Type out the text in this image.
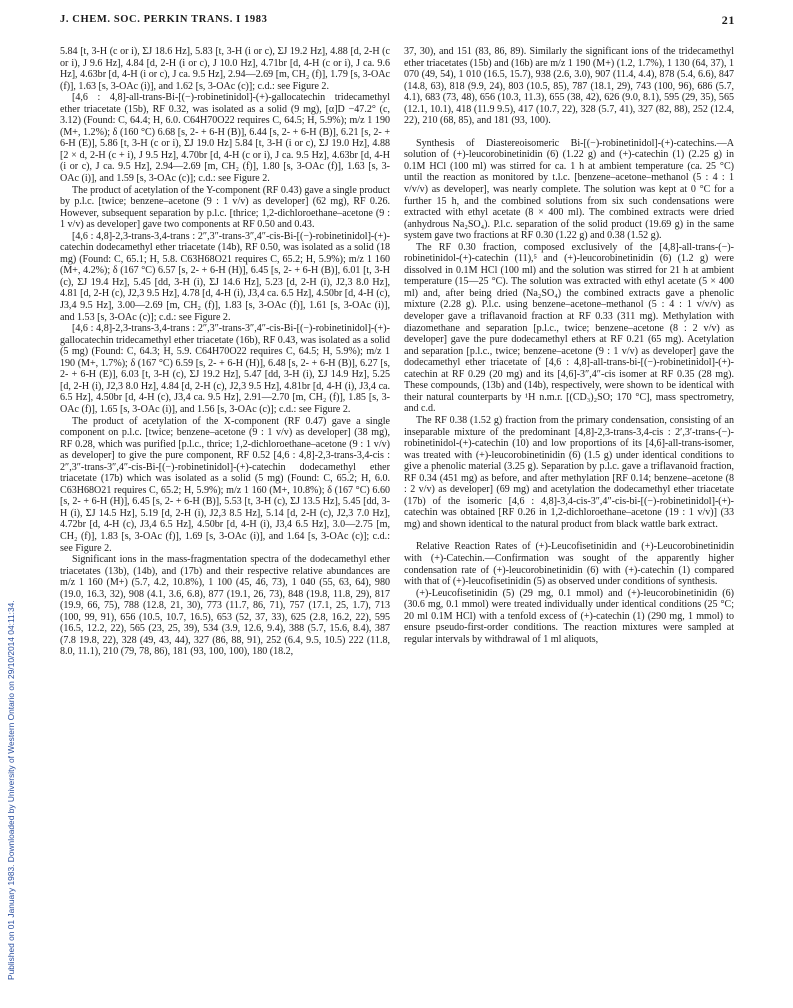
J. CHEM. SOC. PERKIN TRANS. I 1983	21
Published on 01 January 1983. Downloaded by University of Western Ontario on 29/10/2014 04:11:34.

5.84 [t, 3-H (c or i), ΣJ 18.6 Hz], 5.83 [t, 3-H (i or c), ΣJ 19.2 Hz], 4.88 [d, 2-H (c or i), J 9.6 Hz], 4.84 [d, 2-H (i or c), J 10.0 Hz], 4.71br [d, 4-H (c or i), J ca. 9.6 Hz], 4.63br [d, 4-H (i or c), J ca. 9.5 Hz], 2.94—2.69 [m, CH₂ (f)], 1.79 [s, 3-OAc (f)], 1.63 [s, 3-OAc (i)], and 1.62 [s, 3-OAc (c)]; c.d.: see Figure 2.

[4,6 : 4,8]-all-trans-Bi-[(−)-robinetinidol]-(+)-gallocatechin tridecamethyl ether triacetate (15b), RF 0.32, was isolated as a solid (9 mg), [α]D −47.2° (c, 3.12) (Found: C, 64.4; H, 6.0. C64H70O22 requires C, 64.5; H, 5.9%); m/z 1 190 (M+, 1.2%); δ (160 °C) 6.68 [s, 2- + 6-H (B)], 6.44 [s, 2- + 6-H (B)], 6.21 [s, 2- + 6-H (E)], 5.86 [t, 3-H (c or i), ΣJ 19.0 Hz] 5.84 [t, 3-H (i or c), ΣJ 19.0 Hz], 4.88 [2 × d, 2-H (c + i), J 9.5 Hz], 4.70br [d, 4-H (c or i), J ca. 9.5 Hz], 4.63br [d, 4-H (i or c), J ca. 9.5 Hz], 2.94—2.69 [m, CH₂ (f)], 1.80 [s, 3-OAc (f)], 1.63 [s, 3-OAc (i)], and 1.59 [s, 3-OAc (c)]; c.d.: see Figure 2.

The product of acetylation of the Y-component (RF 0.43) gave a single product by p.l.c. [twice; benzene–acetone (9 : 1 v/v) as developer] (62 mg), RF 0.26. However, subsequent separation by p.l.c. [thrice; 1,2-dichloroethane–acetone (9 : 1 v/v) as developer] gave two components at RF 0.50 and 0.43.

[4,6 : 4,8]-2,3-trans-3,4-trans : 2″,3″-trans-3″,4″-cis-Bi-[(−)-robinetinidol]-(+)-catechin dodecamethyl ether triacetate (14b), RF 0.50, was isolated as a solid (18 mg) (Found: C, 65.1; H, 5.8. C63H68O21 requires C, 65.2; H, 5.9%); m/z 1 160 (M+, 4.2%); δ (167 °C) 6.57 [s, 2- + 6-H (H)], 6.45 [s, 2- + 6-H (B)], 6.01 [t, 3-H (c), ΣJ 19.4 Hz], 5.45 [dd, 3-H (i), ΣJ 14.6 Hz], 5.23 [d, 2-H (i), J2,3 8.0 Hz], 4.81 [d, 2-H (c), J2,3 9.5 Hz], 4.78 [d, 4-H (i), J3,4 ca. 6.5 Hz], 4.50br [d, 4-H (c), J3,4 9.5 Hz], 3.00—2.69 [m, CH₂ (f)], 1.83 [s, 3-OAc (f)], 1.61 [s, 3-OAc (i)], and 1.53 [s, 3-OAc (c)]; c.d.: see Figure 2.

[4,6 : 4,8]-2,3-trans-3,4-trans : 2″,3″-trans-3″,4″-cis-Bi-[(−)-robinetinidol]-(+)-gallocatechin tridecamethyl ether triacetate (16b), RF 0.43, was isolated as a solid (5 mg) (Found: C, 64.3; H, 5.9. C64H70O22 requires C, 64.5; H, 5.9%); m/z 1 190 (M+, 1.7%); δ (167 °C) 6.59 [s, 2- + 6-H (H)], 6.48 [s, 2- + 6-H (B)], 6.27 [s, 2- + 6-H (E)], 6.03 [t, 3-H (c), ΣJ 19.2 Hz], 5.47 [dd, 3-H (i), ΣJ 14.9 Hz], 5.25 [d, 2-H (i), J2,3 8.0 Hz], 4.84 [d, 2-H (c), J2,3 9.5 Hz], 4.81br [d, 4-H (i), J3,4 ca. 6.5 Hz], 4.50br [d, 4-H (c), J3,4 ca. 9.5 Hz], 2.91—2.70 [m, CH₂ (f)], 1.85 [s, 3-OAc (f)], 1.65 [s, 3-OAc (i)], and 1.56 [s, 3-OAc (c)]; c.d.: see Figure 2.

The product of acetylation of the X-component (RF 0.47) gave a single component on p.l.c. [twice; benzene–acetone (9 : 1 v/v) as developer] (38 mg), RF 0.28, which was purified [p.l.c., thrice; 1,2-dichloroethane–acetone (9 : 1 v/v) as developer] to give the pure component, RF 0.52 [4,6 : 4,8]-2,3-trans-3,4-cis : 2″,3″-trans-3″,4″-cis-Bi-[(−)-robinetinidol]-(+)-catechin dodecamethyl ether triacetate (17b) which was isolated as a solid (5 mg) (Found: C, 65.2; H, 6.0. C63H68O21 requires C, 65.2; H, 5.9%); m/z 1 160 (M+, 10.8%); δ (167 °C) 6.60 [s, 2- + 6-H (H)], 6.45 [s, 2- + 6-H (B)], 5.53 [t, 3-H (c), ΣJ 13.5 Hz], 5.45 [dd, 3-H (i), ΣJ 14.5 Hz], 5.19 [d, 2-H (i), J2,3 8.5 Hz], 5.14 [d, 2-H (c), J2,3 7.0 Hz], 4.72br [d, 4-H (c), J3,4 6.5 Hz], 4.50br [d, 4-H (i), J3,4 6.5 Hz], 3.0—2.75 [m, CH₂ (f)], 1.83 [s, 3-OAc (f)], 1.69 [s, 3-OAc (i)], and 1.64 [s, 3-OAc (c)]; c.d.: see Figure 2.

Significant ions in the mass-fragmentation spectra of the dodecamethyl ether triacetates (13b), (14b), and (17b) and their respective relative abundances are m/z 1 160 (M+) (5.7, 4.2, 10.8%), 1 100 (45, 46, 73), 1 040 (55, 63, 64), 980 (19.0, 16.3, 32), 908 (4.1, 3.6, 6.8), 877 (19.1, 26, 73), 848 (19.8, 11.8, 29), 817 (19.9, 66, 75), 788 (12.8, 21, 30), 773 (11.7, 86, 71), 757 (17.1, 25, 1.7), 713 (100, 99, 91), 656 (10.5, 10.7, 16.5), 653 (52, 37, 33), 625 (2.8, 16.2, 22), 595 (16.5, 12.2, 22), 565 (23, 25, 39), 534 (3.9, 12.6, 9.4), 388 (5.7, 15.6, 8.4), 387 (7.8 19.8, 22), 328 (49, 43, 44), 327 (86, 88, 91), 252 (6.4, 9.5, 10.5) 222 (11.8, 8.0, 11.1), 210 (79, 78, 86), 181 (93, 100, 100), 180 (18.2,

37, 30), and 151 (83, 86, 89). Similarly the significant ions of the tridecamethyl ether triacetates (15b) and (16b) are m/z 1 190 (M+) (1.2, 1.7%), 1 130 (64, 37), 1 070 (49, 54), 1 010 (16.5, 15.7), 938 (2.6, 3.0), 907 (11.4, 4.4), 878 (5.4, 6.6), 847 (14.8, 63), 818 (9.9, 24), 803 (10.5, 85), 787 (18.1, 29), 743 (100, 96), 686 (5.7, 4.1), 683 (73, 48), 656 (10.3, 11.3), 655 (38, 42), 626 (9.0, 8.1), 595 (29, 35), 565 (12.1, 10.1), 418 (11.9 9.5), 417 (10.7, 22), 328 (5.7, 41), 327 (82, 88), 252 (12.4, 22), 210 (68, 85), and 181 (93, 100).

Synthesis of Diastereoisomeric Bi-[(−)-robinetinidol]-(+)-catechins.—A solution of (+)-leucorobinetinidin (6) (1.22 g) and (+)-catechin (1) (2.25 g) in 0.1M HCl (100 ml) was stirred for ca. 1 h at ambient temperature (ca. 25 °C) until the reaction as monitored by t.l.c. [benzene–acetone–methanol (5 : 4 : 1 v/v/v) as developer], was nearly complete. The solution was kept at 0 °C for a further 15 h, and the combined solutions from six such condensations were extracted with ethyl acetate (8 × 400 ml). The combined extracts were dried (anhydrous Na₂SO₄). P.l.c. separation of the solid product (19.69 g) in the same system gave two fractions at RF 0.30 (1.22 g) and 0.38 (1.52 g).

The RF 0.30 fraction, composed exclusively of the [4,8]-all-trans-(−)-robinetinidol-(+)-catechin (11),⁵ and (+)-leucorobinetinidin (6) (1.2 g) were dissolved in 0.1M HCl (100 ml) and the solution was stirred for 21 h at ambient temperature (15—25 °C). The solution was extracted with ethyl acetate (5 × 400 ml) and, after being dried (Na₂SO₄) the combined extracts gave a phenolic mixture (2.28 g). P.l.c. using benzene–acetone–methanol (5 : 4 : 1 v/v/v) as developer gave a triflavanoid fraction at RF 0.33 (311 mg). Methylation with diazomethane and separation [p.l.c., twice; benzene–acetone (8 : 2 v/v) as developer] gave the pure dodecamethyl ethers at RF 0.21 (65 mg). Acetylation and separation [p.l.c., twice; benzene–acetone (9 : 1 v/v) as developer] gave the dodecamethyl ether triacetate of [4,6 : 4,8]-all-trans-bi-[(−)-robinetinidol]-(+)-catechin at RF 0.29 (20 mg) and its [4,6]-3″,4″-cis isomer at RF 0.35 (28 mg). These compounds, (13b) and (14b), respectively, were shown to be identical with their natural counterparts by ¹H n.m.r. [(CD₃)₂SO; 170 °C], mass spectrometry, and c.d.

The RF 0.38 (1.52 g) fraction from the primary condensation, consisting of an inseparable mixture of the predominant [4,8]-2,3-trans-3,4-cis : 2′,3′-trans-(−)-robinetinidol-(+)-catechin (10) and low proportions of its [4,6]-all-trans-isomer, was treated with (+)-leucorobinetinidin (6) (1.5 g) under identical conditions to give a phenolic material (3.25 g). Separation by p.l.c. gave a triflavanoid fraction, RF 0.34 (451 mg) as before, and after methylation [RF 0.14; benzene–acetone (8 : 2 v/v) as developer] (69 mg) and acetylation the dodecamethyl ether triacetate (17b) of the isomeric [4,6 : 4,8]-3,4-cis-3″,4″-cis-bi-[(−)-robinetinidol]-(+)-catechin was obtained [RF 0.26 in 1,2-dichloroethane–acetone (19 : 1 v/v)] (33 mg) and shown identical to the natural product from black wattle bark extract.

Relative Reaction Rates of (+)-Leucofisetinidin and (+)-Leucorobinetinidin with (+)-Catechin.—Confirmation was sought of the apparently higher condensation rate of (+)-leucorobinetinidin (6) with (+)-catechin (1) compared with that of (+)-leucofisetinidin (5) as observed under conditions of synthesis.

(+)-Leucofisetinidin (5) (29 mg, 0.1 mmol) and (+)-leucorobinetinidin (6) (30.6 mg, 0.1 mmol) were treated individually under identical conditions (25 °C; 20 ml 0.1M HCl) with a tenfold excess of (+)-catechin (1) (290 mg, 1 mmol) to ensure pseudo-first-order conditions. The reaction mixtures were sampled at regular intervals by withdrawal of 1 ml aliquots,
